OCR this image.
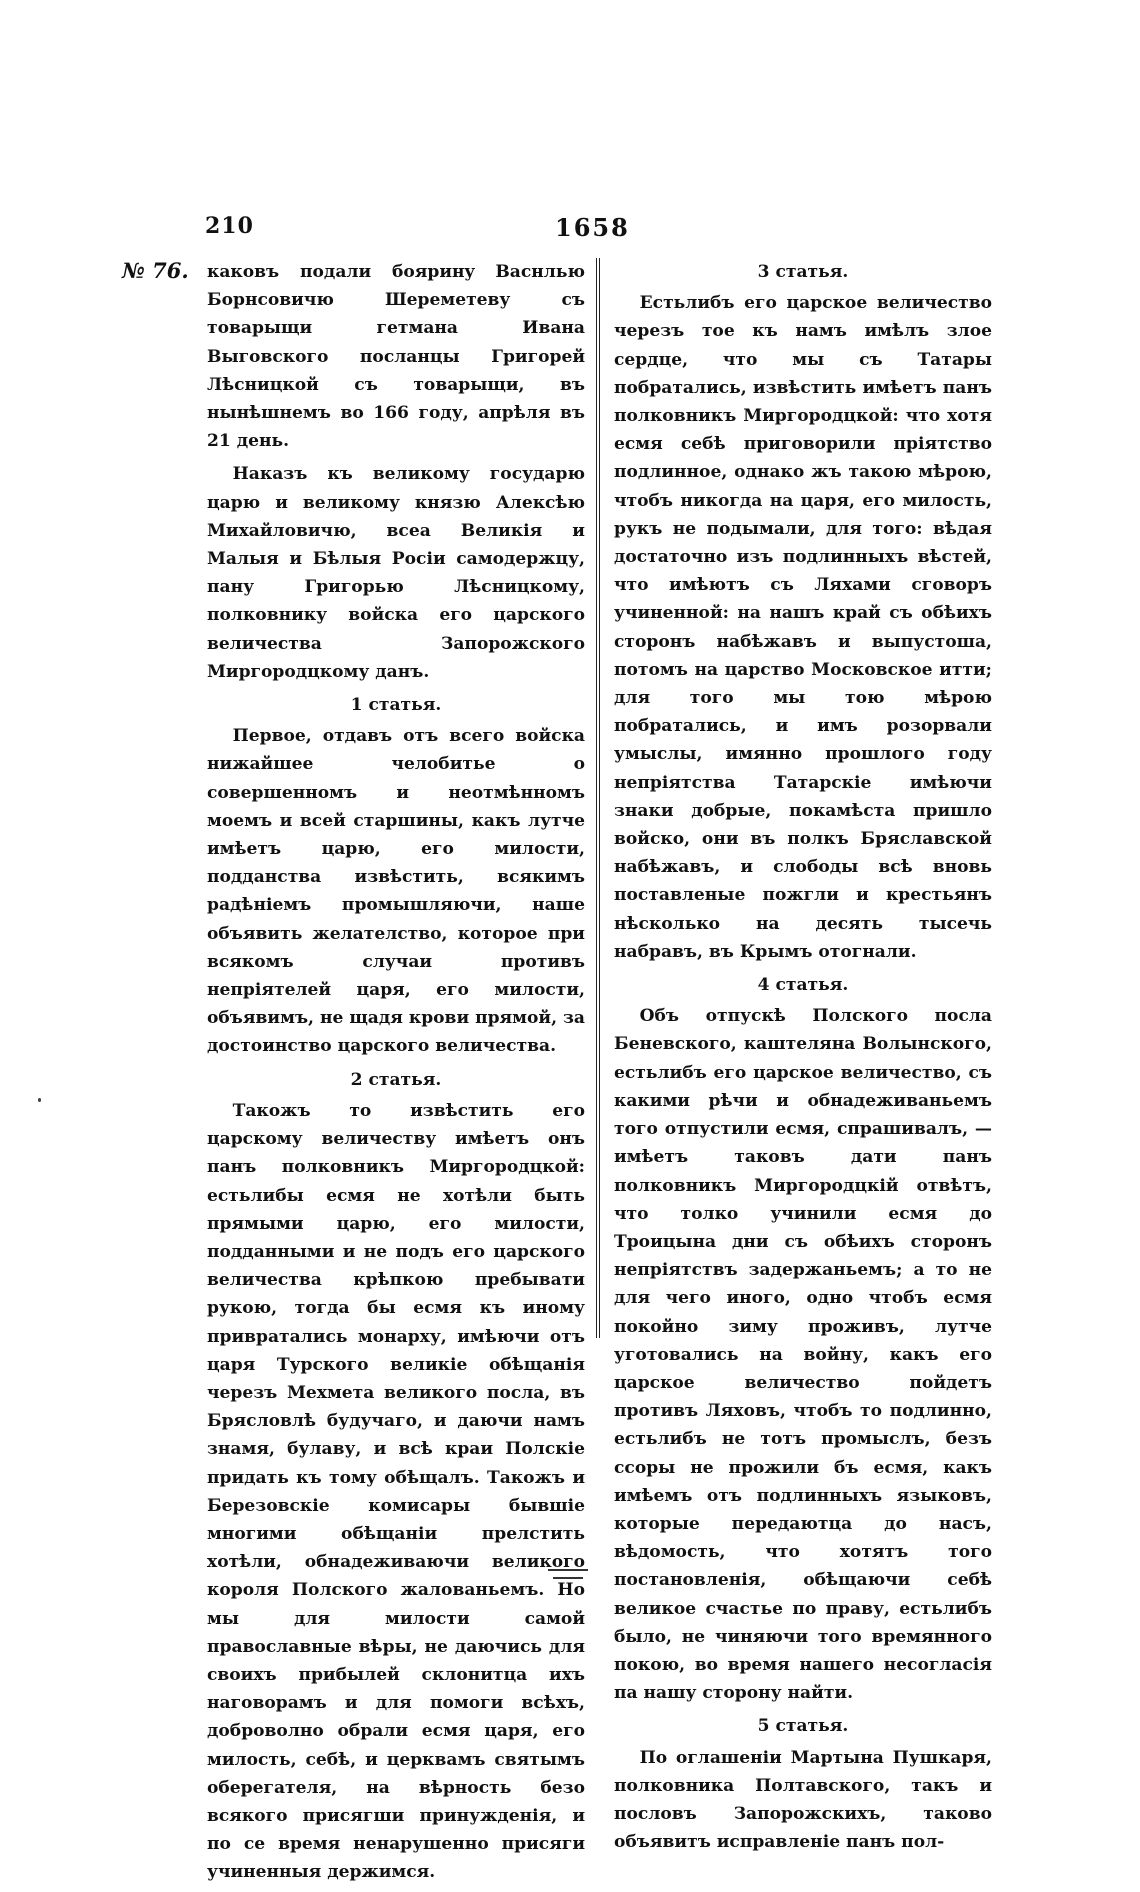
210	1658
№ 76. каковъ подали бояринy Васнлью Борнсовичю Шереметеву съ товарыщи гетмана Ивана Выговского посланцы Григорей Лѣсницкой съ товарыщи, въ нынѣшнемъ во 166 году, апрѣля въ 21 день.

Наказъ къ великому государю царю и великому князю Алексѣю Михайловичю, всеа Великія и Малыя и Бѣлыя Росіи самодержцу, пану Григорью Лѣсницкому, полковнику войска его царского величества Запорожского Миргородцкому данъ.

1 статья.

Первое, отдавъ отъ всего войска нижайшее челобитье о совершенномъ и неотмѣнномъ моемъ и всей старшины, какъ лутче имѣетъ царю, его милости, подданства извѣстить, всякимъ радѣніемъ промышляючи, наше объявить желателство, которое при всякомъ случаи противъ непріятелей царя, его милости, объявимъ, не щадя крови прямой, за достоинство царского величества.

2 статья.

Такожъ то извѣстить его царскому величеству имѣетъ онъ панъ полковникъ Миргородцкой: естьлибы есмя не хотѣли быть прямыми царю, его милости, подданными и не подъ его царского величества крѣпкою пребывати рукою, тогда бы есмя къ иному привратались монарху, имѣючи отъ царя Турского великіе обѣщанія черезъ Мехмета великого посла, въ Брясловлѣ будучаго, и даючи намъ знамя, булаву, и всѣ краи Полскіе придать къ тому обѣщалъ. Такожъ и Березовскіе комисары бывшіе многими обѣщаніи прелстить хотѣли, обнадеживаючи великого короля Полского жалованьемъ. Но мы для милости самой православные вѣры, не даючись для своихъ прибылей склонитца ихъ наговорамъ и для помоги всѣхъ, доброволно обрали есмя царя, его милость, себѣ, и церквамъ святымъ оберегателя, на вѣрность безо всякого присягши принужденія, и по се время ненарушенно присяги учиненныя держимся.

3 статья.

Естьлибъ его царское величество черезъ тое къ намъ имѣлъ злое сердце, что мы съ Татары побратались, извѣстить имѣетъ панъ полковникъ Миргородцкой: что хотя есмя себѣ приговорили пріятство подлинное, однако жъ такою мѣрою, чтобъ никогда на царя, его милость, рукъ не подымали, для того: вѣдая достаточно изъ подлинныхъ вѣстей, что имѣютъ съ Ляхами сговоръ учиненной: на нашъ край съ обѣихъ сторонъ набѣжавъ и выпустоша, потомъ на царство Московское итти; для того мы тою мѣрою побратались, и имъ розорвали умыслы, имянно прошлого году непріятства Татарскіе имѣючи знаки добрые, покамѣста пришло войско, они въ полкъ Бряславской набѣжавъ, и слободы всѣ вновь поставленые пожгли и крестьянъ нѣсколько на десять тысечь набравъ, въ Крымъ отогнали.

4 статья.

Объ отпускѣ Полского посла Беневского, каштеляна Волынского, естьлибъ его царское величество, съ какими рѣчи и обнадеживаньемъ того отпустили есмя, спрашивалъ, — имѣетъ таковъ дати панъ полковникъ Миргородцкій отвѣтъ, что толко учинили есмя до Троицына дни съ обѣихъ сторонъ непріятствъ задержаньемъ; а то не для чего иного, одно чтобъ есмя покойно зиму проживъ, лутче уготовались на войну, какъ его царское величество пойдетъ противъ Ляховъ, чтобъ то подлинно, естьлибъ не тотъ промыслъ, безъ ссоры не прожили бъ есмя, какъ имѣемъ отъ подлинныхъ языковъ, которые передаютца до насъ, вѣдомость, что хотятъ того постановленія, обѣщаючи себѣ великое счастье по праву, естьлибъ было, не чиняючи того времянного покою, во время нашего несогласія па нашу сторону найти.

5 статья.

По оглашеніи Мартына Пушкаря, полковника Полтавского, такъ и пословъ Запорожскихъ, таково объявитъ исправленіе панъ пол-
